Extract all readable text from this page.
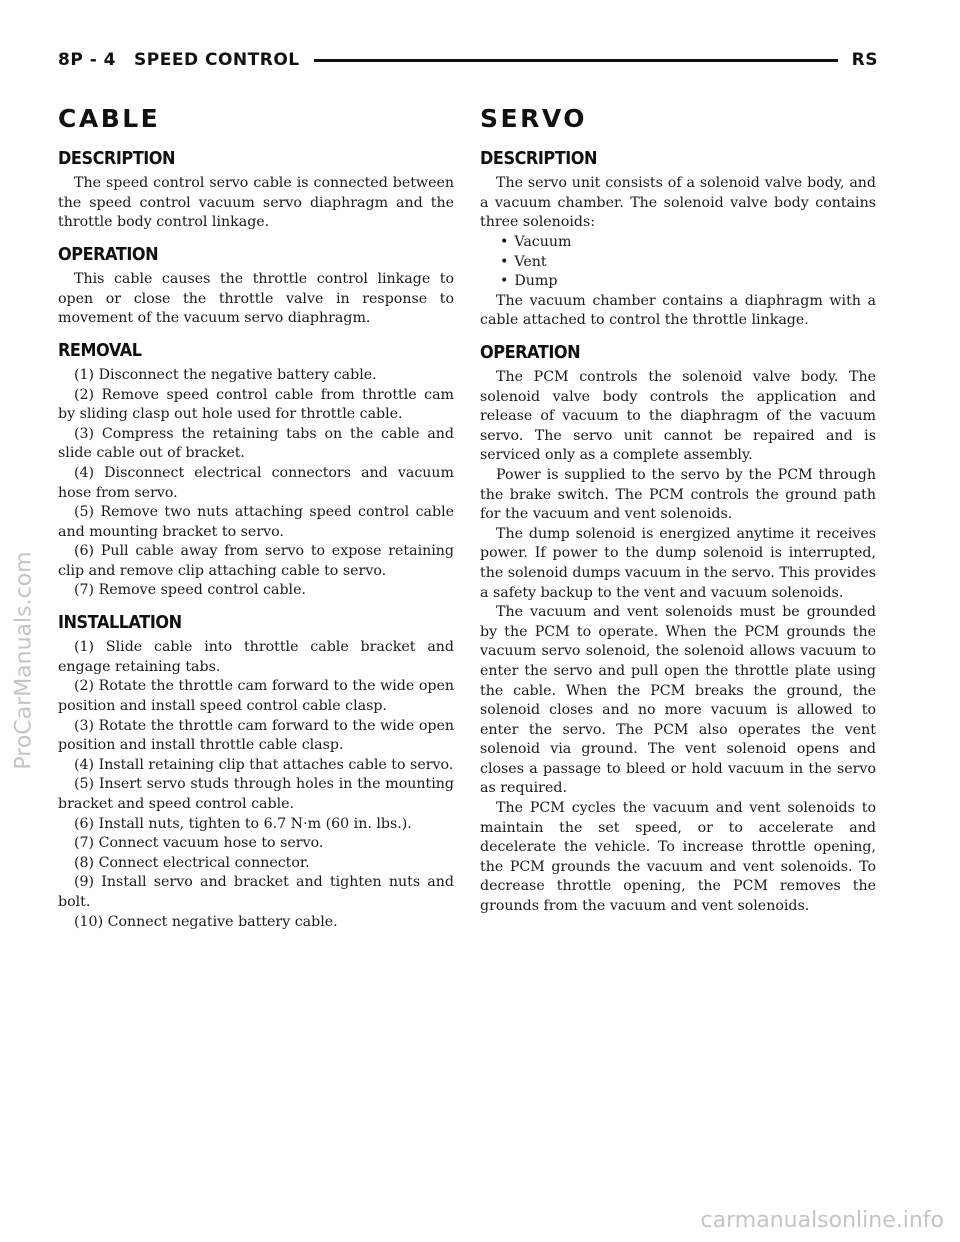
8P - 4 SPEED CONTROL	RS
CABLE
DESCRIPTION

The speed control servo cable is connected between the speed control vacuum servo diaphragm and the throttle body control linkage.

OPERATION

This cable causes the throttle control linkage to open or close the throttle valve in response to movement of the vacuum servo diaphragm.

REMOVAL

(1) Disconnect the negative battery cable.

(2) Remove speed control cable from throttle cam by sliding clasp out hole used for throttle cable.

(3) Compress the retaining tabs on the cable and slide cable out of bracket.

(4) Disconnect electrical connectors and vacuum hose from servo.

(5) Remove two nuts attaching speed control cable and mounting bracket to servo.

(6) Pull cable away from servo to expose retaining clip and remove clip attaching cable to servo.

(7) Remove speed control cable.

INSTALLATION

(1) Slide cable into throttle cable bracket and engage retaining tabs.

(2) Rotate the throttle cam forward to the wide open position and install speed control cable clasp.

(3) Rotate the throttle cam forward to the wide open position and install throttle cable clasp.

(4) Install retaining clip that attaches cable to servo.

(5) Insert servo studs through holes in the mounting bracket and speed control cable.

(6) Install nuts, tighten to 6.7 N·m (60 in. lbs.).

(7) Connect vacuum hose to servo.

(8) Connect electrical connector.

(9) Install servo and bracket and tighten nuts and bolt.

(10) Connect negative battery cable.

SERVO
DESCRIPTION

The servo unit consists of a solenoid valve body, and a vacuum chamber. The solenoid valve body contains three solenoids:

• Vacuum
• Vent
• Dump

The vacuum chamber contains a diaphragm with a cable attached to control the throttle linkage.

OPERATION

The PCM controls the solenoid valve body. The solenoid valve body controls the application and release of vacuum to the diaphragm of the vacuum servo. The servo unit cannot be repaired and is serviced only as a complete assembly.

Power is supplied to the servo by the PCM through the brake switch. The PCM controls the ground path for the vacuum and vent solenoids.

The dump solenoid is energized anytime it receives power. If power to the dump solenoid is interrupted, the solenoid dumps vacuum in the servo. This provides a safety backup to the vent and vacuum solenoids.

The vacuum and vent solenoids must be grounded by the PCM to operate. When the PCM grounds the vacuum servo solenoid, the solenoid allows vacuum to enter the servo and pull open the throttle plate using the cable. When the PCM breaks the ground, the solenoid closes and no more vacuum is allowed to enter the servo. The PCM also operates the vent solenoid via ground. The vent solenoid opens and closes a passage to bleed or hold vacuum in the servo as required.

The PCM cycles the vacuum and vent solenoids to maintain the set speed, or to accelerate and decelerate the vehicle. To increase throttle opening, the PCM grounds the vacuum and vent solenoids. To decrease throttle opening, the PCM removes the grounds from the vacuum and vent solenoids.

ProCarManuals.com
carmanualsonline.info
